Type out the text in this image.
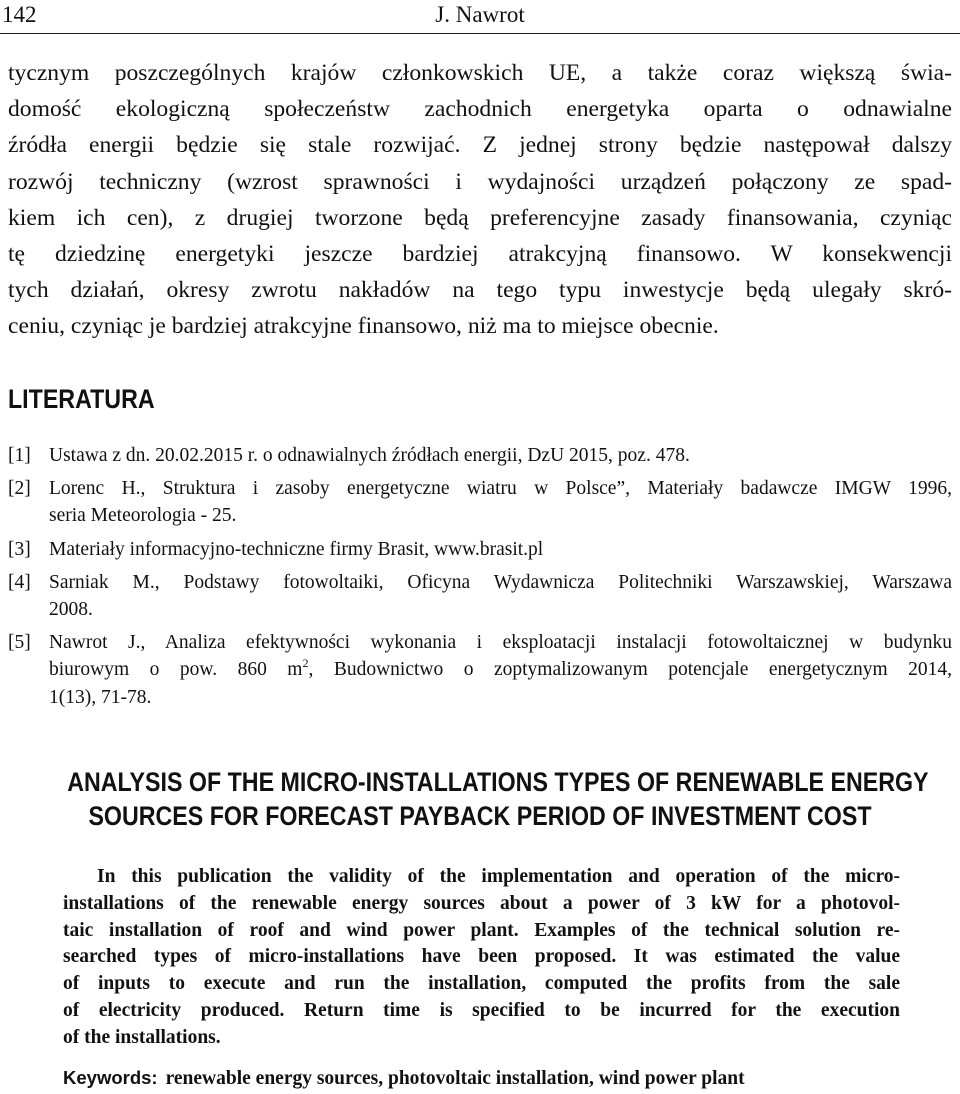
142	J. Nawrot

tycznym poszczególnych krajów członkowskich UE, a także coraz większą świa-
domość ekologiczną społeczeństw zachodnich energetyka oparta o odnawialne
źródła energii będzie się stale rozwijać. Z jednej strony będzie następował dalszy
rozwój techniczny (wzrost sprawności i wydajności urządzeń połączony ze spad-
kiem ich cen), z drugiej tworzone będą preferencyjne zasady finansowania, czyniąc
tę dziedzinę energetyki jeszcze bardziej atrakcyjną finansowo. W konsekwencji
tych działań, okresy zwrotu nakładów na tego typu inwestycje będą ulegały skró-
ceniu, czyniąc je bardziej atrakcyjne finansowo, niż ma to miejsce obecnie.

LITERATURA
[1] Ustawa z dn. 20.02.2015 r. o odnawialnych źródłach energii, DzU 2015, poz. 478.
[2] Lorenc H., Struktura i zasoby energetyczne wiatru w Polsce”, Materiały badawcze IMGW 1996,
seria Meteorologia - 25.
[3] Materiały informacyjno-techniczne firmy Brasit, www.brasit.pl
[4] Sarniak M., Podstawy fotowoltaiki, Oficyna Wydawnicza Politechniki Warszawskiej, Warszawa
2008.
[5] Nawrot J., Analiza efektywności wykonania i eksploatacji instalacji fotowoltaicznej w budynku
biurowym o pow. 860 $m^2$, Budownictwo o zoptymalizowanym potencjale energetycznym 2014,
1(13), 71-78.
ANALYSIS OF THE MICRO-INSTALLATIONS TYPES OF RENEWABLE ENERGY
SOURCES FOR FORECAST PAYBACK PERIOD OF INVESTMENT COST

In this publication the validity of the implementation and operation of the micro-
installations of the renewable energy sources about a power of 3 kW for a photovol-
taic installation of roof and wind power plant. Examples of the technical solution re-
searched types of micro-installations have been proposed. It was estimated the value
of inputs to execute and run the installation, computed the profits from the sale
of electricity produced. Return time is specified to be incurred for the execution
of the installations.

Keywords: renewable energy sources, photovoltaic installation, wind power plant
